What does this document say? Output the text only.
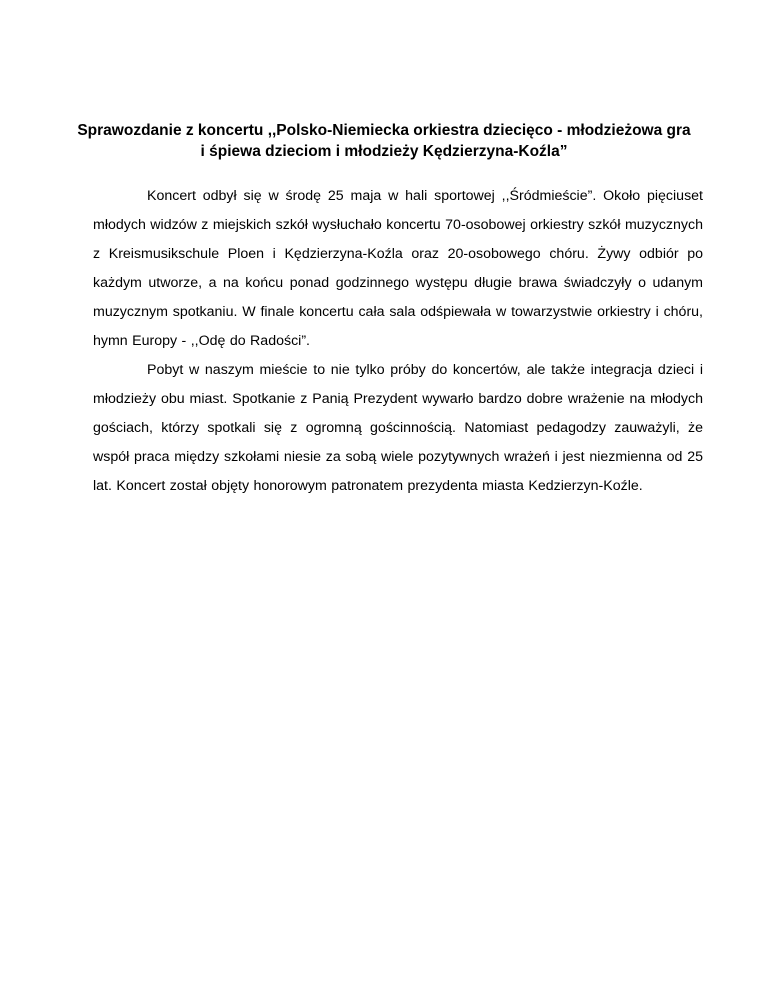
Sprawozdanie z koncertu ,,Polsko-Niemiecka orkiestra dziecięco - młodzieżowa gra
i śpiewa dzieciom i młodzieży Kędzierzyna-Koźla”

Koncert odbył się w środę 25 maja w hali sportowej ,,Śródmieście”. Około pięciuset młodych widzów z miejskich szkół wysłuchało koncertu 70-osobowej orkiestry szkół muzycznych z Kreismusikschule Ploen i Kędzierzyna-Koźla oraz 20-osobowego chóru. Żywy odbiór po każdym utworze, a na końcu ponad godzinnego występu długie brawa świadczyły o udanym muzycznym spotkaniu. W finale koncertu cała sala odśpiewała w towarzystwie orkiestry i chóru, hymn Europy - ,,Odę do Radości”.

Pobyt w naszym mieście to nie tylko próby do koncertów, ale także integracja dzieci i młodzieży obu miast. Spotkanie z Panią Prezydent wywarło bardzo dobre wrażenie na młodych gościach, którzy spotkali się z ogromną gościnnością. Natomiast pedagodzy zauważyli, że współ praca między szkołami niesie za sobą wiele pozytywnych wrażeń i jest niezmienna od 25 lat. Koncert został objęty honorowym patronatem prezydenta miasta Kedzierzyn-Koźle.
